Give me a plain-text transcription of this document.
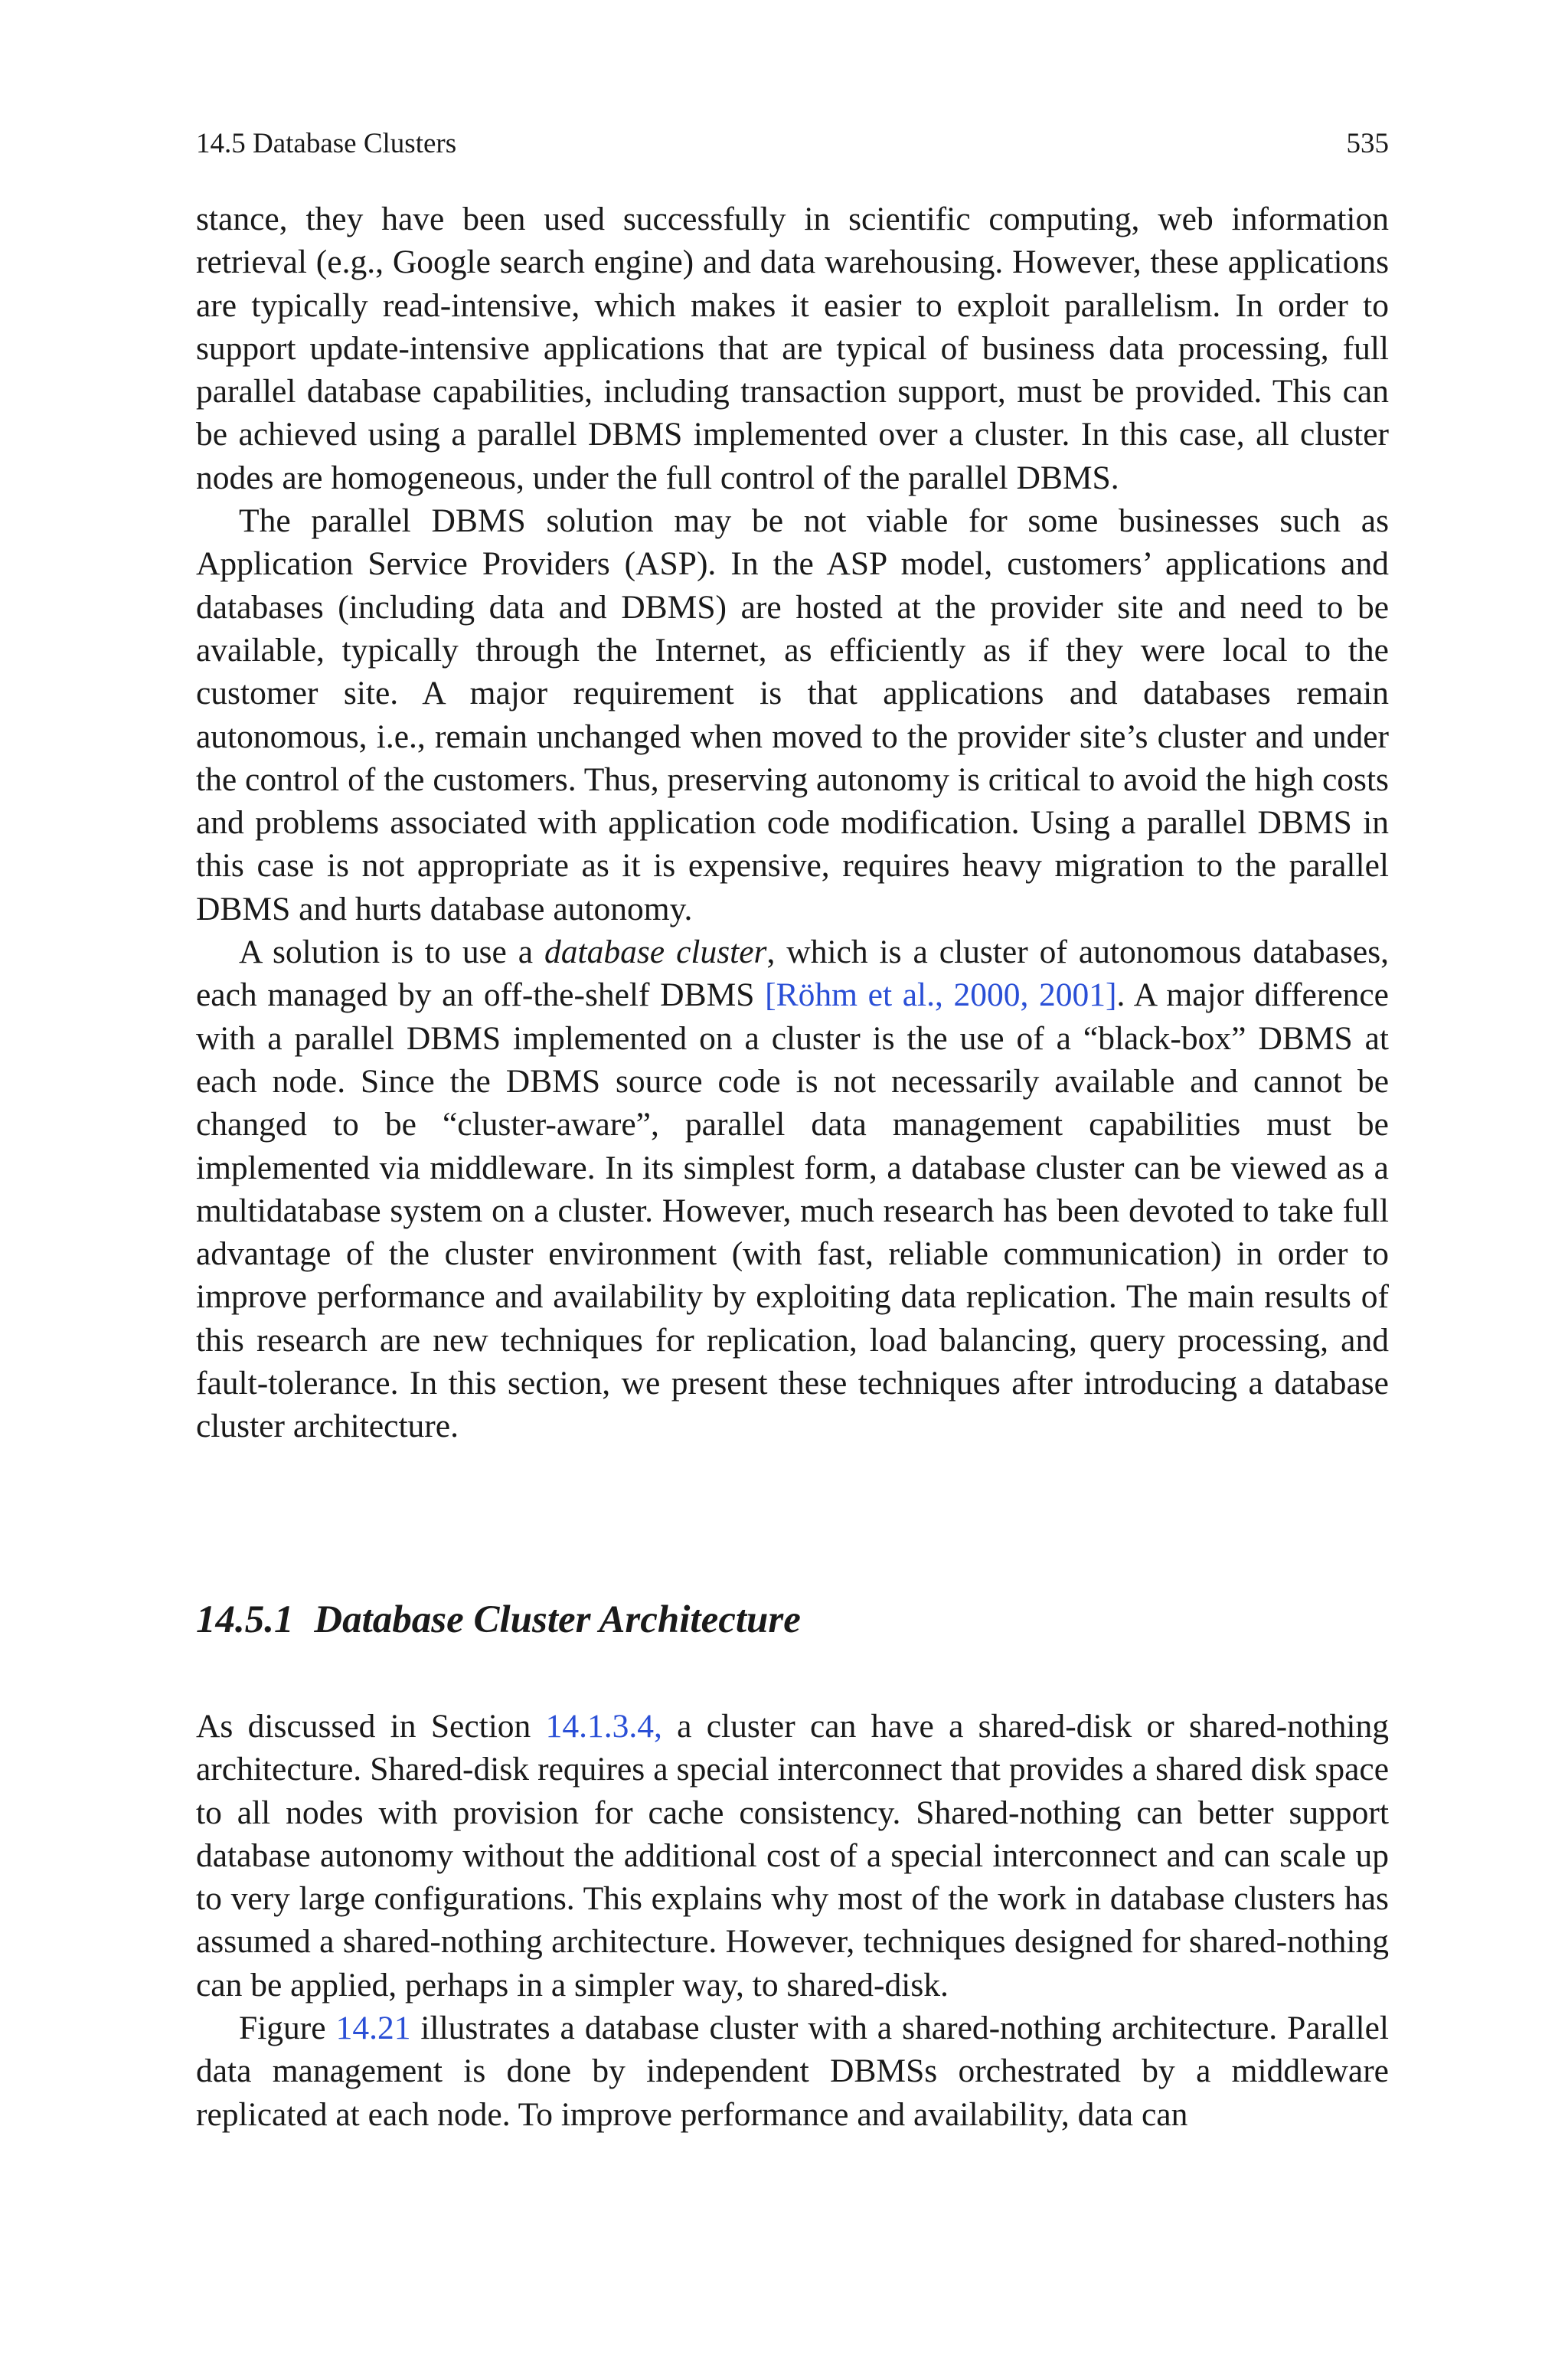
14.5 Database Clusters	535

stance, they have been used successfully in scientific computing, web information retrieval (e.g., Google search engine) and data warehousing. However, these applications are typically read-intensive, which makes it easier to exploit parallelism. In order to support update-intensive applications that are typical of business data processing, full parallel database capabilities, including transaction support, must be provided. This can be achieved using a parallel DBMS implemented over a cluster. In this case, all cluster nodes are homogeneous, under the full control of the parallel DBMS.

The parallel DBMS solution may be not viable for some businesses such as Application Service Providers (ASP). In the ASP model, customers’ applications and databases (including data and DBMS) are hosted at the provider site and need to be available, typically through the Internet, as efficiently as if they were local to the customer site. A major requirement is that applications and databases remain autonomous, i.e., remain unchanged when moved to the provider site’s cluster and under the control of the customers. Thus, preserving autonomy is critical to avoid the high costs and problems associated with application code modification. Using a parallel DBMS in this case is not appropriate as it is expensive, requires heavy migration to the parallel DBMS and hurts database autonomy.

A solution is to use a database cluster, which is a cluster of autonomous databases, each managed by an off-the-shelf DBMS [Röhm et al., 2000, 2001]. A major difference with a parallel DBMS implemented on a cluster is the use of a “black-box” DBMS at each node. Since the DBMS source code is not necessarily available and cannot be changed to be “cluster-aware”, parallel data management capabilities must be implemented via middleware. In its simplest form, a database cluster can be viewed as a multidatabase system on a cluster. However, much research has been devoted to take full advantage of the cluster environment (with fast, reliable communication) in order to improve performance and availability by exploiting data replication. The main results of this research are new techniques for replication, load balancing, query processing, and fault-tolerance. In this section, we present these techniques after introducing a database cluster architecture.

14.5.1 Database Cluster Architecture

As discussed in Section 14.1.3.4, a cluster can have a shared-disk or shared-nothing architecture. Shared-disk requires a special interconnect that provides a shared disk space to all nodes with provision for cache consistency. Shared-nothing can better support database autonomy without the additional cost of a special interconnect and can scale up to very large configurations. This explains why most of the work in database clusters has assumed a shared-nothing architecture. However, techniques designed for shared-nothing can be applied, perhaps in a simpler way, to shared-disk.

Figure 14.21 illustrates a database cluster with a shared-nothing architecture. Parallel data management is done by independent DBMSs orchestrated by a middleware replicated at each node. To improve performance and availability, data can
